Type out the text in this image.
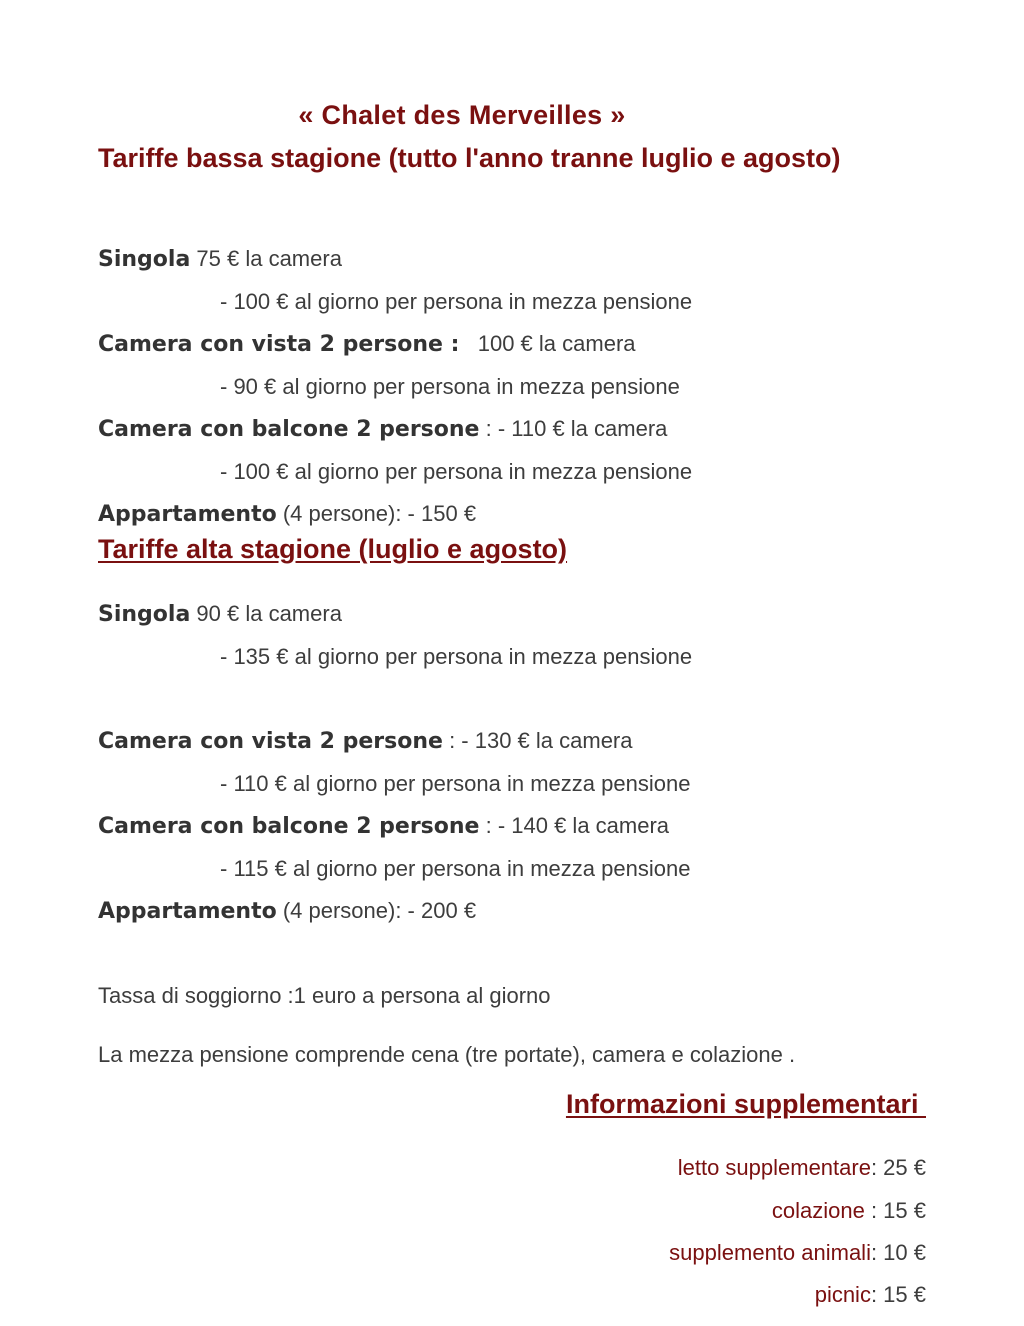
« Chalet des Merveilles »
Tariffe bassa stagione (tutto l'anno tranne luglio e agosto)
Singola 75 € la camera
- 100 € al giorno per persona in mezza pensione
Camera con vista 2 persone :   100 € la camera
- 90 € al giorno per persona in mezza pensione
Camera con balcone 2 persone : - 110 € la camera
- 100 € al giorno per persona in mezza pensione
Appartamento (4 persone): - 150 €
Tariffe alta stagione (luglio e agosto)
Singola 90 € la camera
- 135 € al giorno per persona in mezza pensione
Camera con vista 2 persone : - 130 € la camera
- 110 € al giorno per persona in mezza pensione
Camera con balcone 2 persone : - 140 € la camera
- 115 € al giorno per persona in mezza pensione
Appartamento (4 persone): - 200 €
Tassa di soggiorno :1 euro a persona al giorno
La mezza pensione comprende cena (tre portate), camera e colazione .
Informazioni supplementari
letto supplementare: 25 €
colazione : 15 €
supplemento animali: 10 €
picnic: 15 €
